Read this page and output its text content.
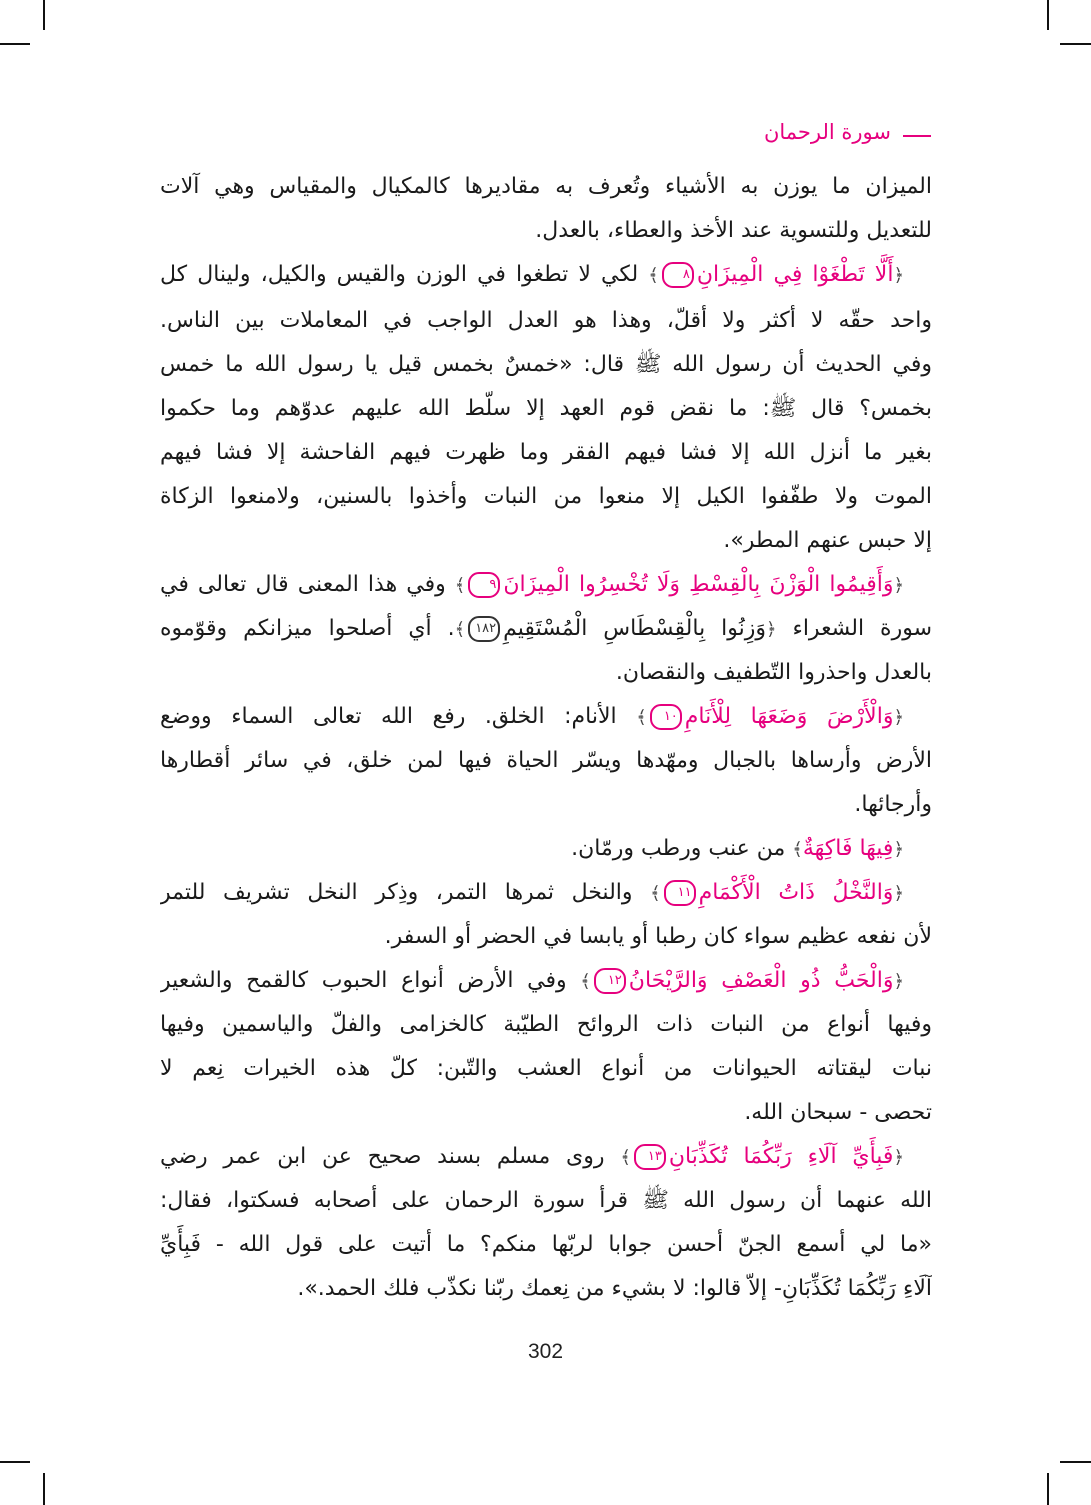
سورة الرحمان
الميزان ما يوزن به الأشياء وتُعرف به مقاديرها كالمكيال والمقياس وهي آلات
للتعديل وللتسوية عند الأخذ والعطاء، بالعدل.
﴿أَلَّا تَطْغَوْا فِي الْمِيزَانِ٨﴾ لكي لا تطغوا في الوزن والقيس والكيل، ولينال كل
واحد حقّه لا أكثر ولا أقلّ، وهذا هو العدل الواجب في المعاملات بين الناس.
وفي الحديث أن رسول الله ﷺ قال: «خمسٌ بخمس قيل يا رسول الله ما خمس
بخمس؟ قال ﷺ: ما نقض قوم العهد إلا سلّط الله عليهم عدوّهم وما حكموا
بغير ما أنزل الله إلا فشا فيهم الفقر وما ظهرت فيهم الفاحشة إلا فشا فيهم
الموت ولا طفّفوا الكيل إلا منعوا من النبات وأخذوا بالسنين، ولامنعوا الزكاة
إلا حبس عنهم المطر».
﴿وَأَقِيمُوا الْوَزْنَ بِالْقِسْطِ وَلَا تُخْسِرُوا الْمِيزَانَ٩﴾ وفي هذا المعنى قال تعالى في
سورة الشعراء ﴿وَزِنُوا بِالْقِسْطَاسِ الْمُسْتَقِيمِ١٨٢﴾. أي أصلحوا ميزانكم وقوّموه
بالعدل واحذروا التّطفيف والنقصان.
﴿وَالْأَرْضَ وَضَعَهَا لِلْأَنَامِ١٠﴾ الأنام: الخلق. رفع الله تعالى السماء ووضع
الأرض وأرساها بالجبال ومهّدها ويسّر الحياة فيها لمن خلق، في سائر أقطارها
وأرجائها.
﴿فِيهَا فَاكِهَةٌ﴾ من عنب ورطب ورمّان.
﴿وَالنَّخْلُ ذَاتُ الْأَكْمَامِ١١﴾ والنخل ثمرها التمر، وذِكر النخل تشريف للتمر
لأن نفعه عظيم سواء كان رطبا أو يابسا في الحضر أو السفر.
﴿وَالْحَبُّ ذُو الْعَصْفِ وَالرَّيْحَانُ١٢﴾ وفي الأرض أنواع الحبوب كالقمح والشعير
وفيها أنواع من النبات ذات الروائح الطيّبة كالخزامى والفلّ والياسمين وفيها
نبات ليقتاته الحيوانات من أنواع العشب والتّبن: كلّ هذه الخيرات نِعم لا
تحصى - سبحان الله.
﴿فَبِأَيِّ آلَاءِ رَبِّكُمَا تُكَذِّبَانِ١٣﴾ روى مسلم بسند صحيح عن ابن عمر رضي
الله عنهما أن رسول الله ﷺ قرأ سورة الرحمان على أصحابه فسكتوا، فقال:
«ما لي أسمع الجنّ أحسن جوابا لربّها منكم؟ ما أتيت على قول الله - فَبِأَيِّ
آلَاءِ رَبِّكُمَا تُكَذِّبَانِ- إلاّ قالوا: لا بشيء من نِعمك ربّنا نكذّب فلك الحمد.».
302
